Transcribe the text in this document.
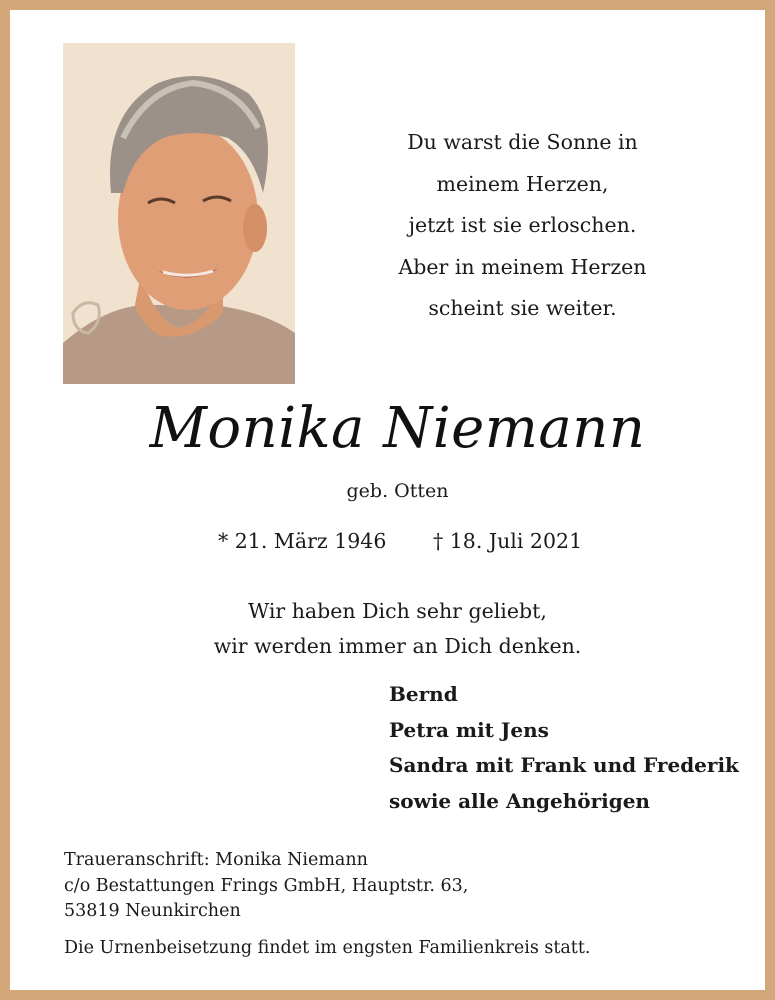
Du warst die Sonne in
meinem Herzen,
jetzt ist sie erloschen.
Aber in meinem Herzen
scheint sie weiter.
Monika Niemann
geb. Otten
* 21. März 1946 † 18. Juli 2021
Wir haben Dich sehr geliebt,
wir werden immer an Dich denken.
Bernd
Petra mit Jens
Sandra mit Frank und Frederik
sowie alle Angehörigen
Traueranschrift: Monika Niemann
c/o Bestattungen Frings GmbH, Hauptstr. 63,
53819 Neunkirchen
Die Urnenbeisetzung findet im engsten Familienkreis statt.
